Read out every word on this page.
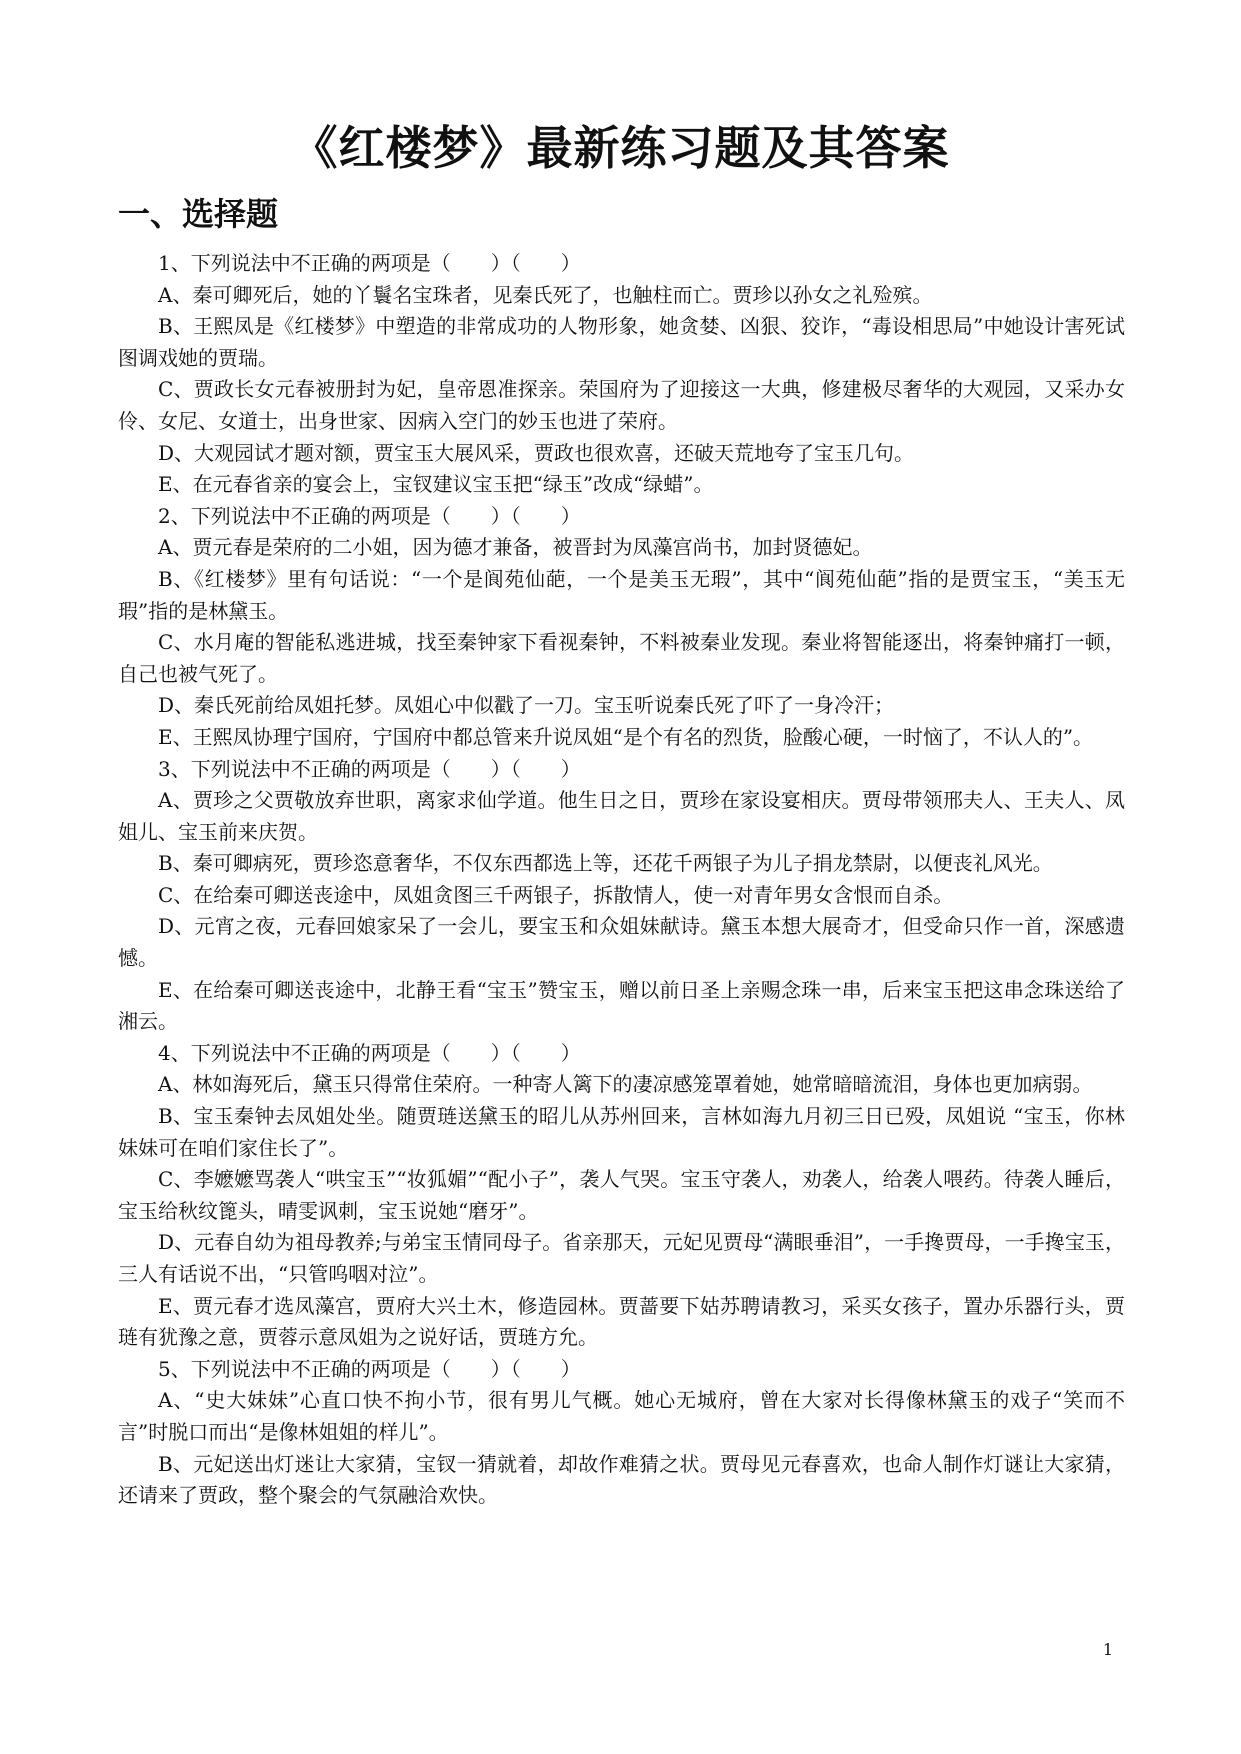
《红楼梦》最新练习题及其答案
一、选择题

1、下列说法中不正确的两项是（　　）（　　）

A、秦可卿死后，她的丫鬟名宝珠者，见秦氏死了，也触柱而亡。贾珍以孙女之礼殓殡。

B、王熙凤是《红楼梦》中塑造的非常成功的人物形象，她贪婪、凶狠、狡诈，“毒设相思局”中她设计害死试图调戏她的贾瑞。

C、贾政长女元春被册封为妃，皇帝恩准探亲。荣国府为了迎接这一大典，修建极尽奢华的大观园，又采办女伶、女尼、女道士，出身世家、因病入空门的妙玉也进了荣府。

D、大观园试才题对额，贾宝玉大展风采，贾政也很欢喜，还破天荒地夸了宝玉几句。

E、在元春省亲的宴会上，宝钗建议宝玉把“绿玉”改成“绿蜡”。

2、下列说法中不正确的两项是（　　）（　　）

A、贾元春是荣府的二小姐，因为德才兼备，被晋封为凤藻宫尚书，加封贤德妃。

B、《红楼梦》里有句话说：“一个是阆苑仙葩，一个是美玉无瑕”，其中“阆苑仙葩”指的是贾宝玉，“美玉无瑕”指的是林黛玉。

C、水月庵的智能私逃进城，找至秦钟家下看视秦钟，不料被秦业发现。秦业将智能逐出，将秦钟痛打一顿，自己也被气死了。

D、秦氏死前给凤姐托梦。凤姐心中似戳了一刀。宝玉听说秦氏死了吓了一身冷汗；

E、王熙凤协理宁国府，宁国府中都总管来升说凤姐“是个有名的烈货，脸酸心硬，一时恼了，不认人的”。

3、下列说法中不正确的两项是（　　）（　　）

A、贾珍之父贾敬放弃世职，离家求仙学道。他生日之日，贾珍在家设宴相庆。贾母带领邢夫人、王夫人、凤姐儿、宝玉前来庆贺。

B、秦可卿病死，贾珍恣意奢华，不仅东西都选上等，还花千两银子为儿子捐龙禁尉，以便丧礼风光。

C、在给秦可卿送丧途中，凤姐贪图三千两银子，拆散情人，使一对青年男女含恨而自杀。

D、元宵之夜，元春回娘家呆了一会儿，要宝玉和众姐妹献诗。黛玉本想大展奇才，但受命只作一首，深感遗憾。

E、在给秦可卿送丧途中，北静王看“宝玉”赞宝玉，赠以前日圣上亲赐念珠一串，后来宝玉把这串念珠送给了湘云。

4、下列说法中不正确的两项是（　　）（　　）

A、林如海死后，黛玉只得常住荣府。一种寄人篱下的凄凉感笼罩着她，她常暗暗流泪，身体也更加病弱。

B、宝玉秦钟去凤姐处坐。随贾琏送黛玉的昭儿从苏州回来，言林如海九月初三日已殁，凤姐说 “宝玉，你林妹妹可在咱们家住长了”。

C、李嬷嬷骂袭人“哄宝玉”“妆狐媚”“配小子”，袭人气哭。宝玉守袭人，劝袭人，给袭人喂药。待袭人睡后，宝玉给秋纹篦头，晴雯讽刺，宝玉说她“磨牙”。

D、元春自幼为祖母教养;与弟宝玉情同母子。省亲那天，元妃见贾母“满眼垂泪”，一手搀贾母，一手搀宝玉，三人有话说不出，“只管呜咽对泣”。

E、贾元春才选凤藻宫，贾府大兴土木，修造园林。贾蔷要下姑苏聘请教习，采买女孩子，置办乐器行头，贾琏有犹豫之意，贾蓉示意凤姐为之说好话，贾琏方允。

5、下列说法中不正确的两项是（　　）（　　）

A、“史大妹妹”心直口快不拘小节，很有男儿气概。她心无城府，曾在大家对长得像林黛玉的戏子“笑而不言”时脱口而出“是像林姐姐的样儿”。

B、元妃送出灯迷让大家猜，宝钗一猜就着，却故作难猜之状。贾母见元春喜欢，也命人制作灯谜让大家猜，还请来了贾政，整个聚会的气氛融洽欢快。

1
